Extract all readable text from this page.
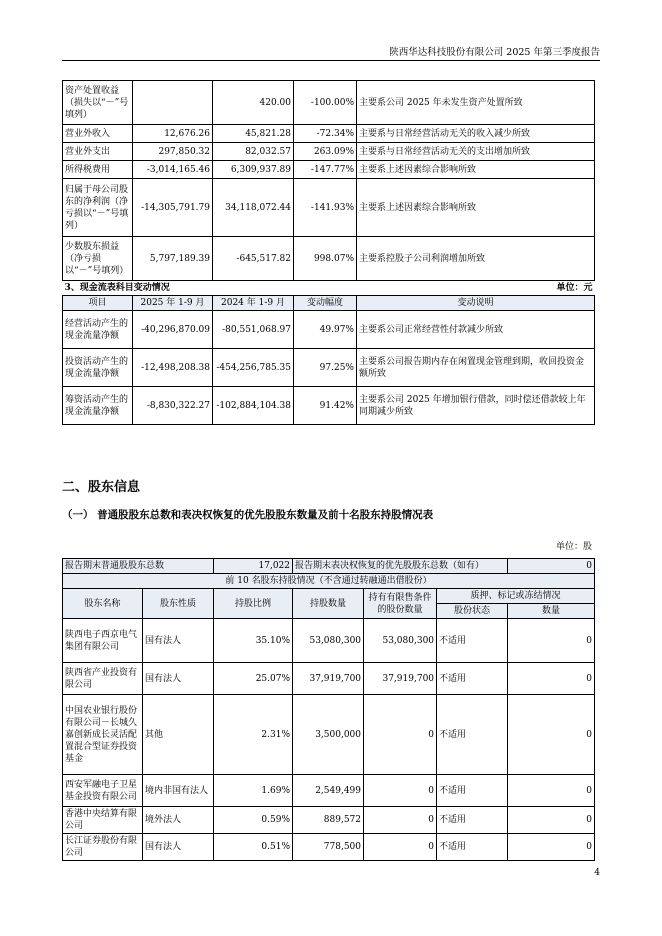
陕西华达科技股份有限公司 2025 年第三季度报告
资产处置收益（损失以“－”号填列）		420.00	-100.00%	主要系公司 2025 年未发生资产处置所致
营业外收入	12,676.26	45,821.28	-72.34%	主要系与日常经营活动无关的收入减少所致
营业外支出	297,850.32	82,032.57	263.09%	主要系与日常经营活动无关的支出增加所致
所得税费用	-3,014,165.46	6,309,937.89	-147.77%	主要系上述因素综合影响所致
归属于母公司股东的净利润（净亏损以“－”号填列）	-14,305,791.79	34,118,072.44	-141.93%	主要系上述因素综合影响所致
少数股东损益（净亏损以“－”号填列）	5,797,189.39	-645,517.82	998.07%	主要系控股子公司利润增加所致
3、现金流表科目变动情况				单位：元
项目	2025 年 1-9 月	2024 年 1-9 月	变动幅度	变动说明
经营活动产生的现金流量净额	-40,296,870.09	-80,551,068.97	49.97%	主要系公司正常经营性付款减少所致
投资活动产生的现金流量净额	-12,498,208.38	-454,256,785.35	97.25%	主要系公司报告期内存在闲置现金管理到期，收回投资金额所致
筹资活动产生的现金流量净额	-8,830,322.27	-102,884,104.38	91.42%	主要系公司 2025 年增加银行借款，同时偿还借款较上年同期减少所致
二、股东信息
（一） 普通股股东总数和表决权恢复的优先股股东数量及前十名股东持股情况表
单位：股
报告期末普通股股东总数		17,022	报告期末表决权恢复的优先股股东总数（如有）			0
前 10 名股东持股情况（不含通过转融通出借股份）						
股东名称	股东性质	持股比例	持股数量	持有有限售条件的股份数量	质押、标记或冻结情况	
					股份状态	数量
陕西电子西京电气集团有限公司	国有法人	35.10%	53,080,300	53,080,300	不适用	0
陕西省产业投资有限公司	国有法人	25.07%	37,919,700	37,919,700	不适用	0
中国农业银行股份有限公司－长城久嘉创新成长灵活配置混合型证券投资基金	其他	2.31%	3,500,000	0	不适用	0
西安军融电子卫星基金投资有限公司	境内非国有法人	1.69%	2,549,499	0	不适用	0
香港中央结算有限公司	境外法人	0.59%	889,572	0	不适用	0
长江证券股份有限公司	国有法人	0.51%	778,500	0	不适用	0
4
